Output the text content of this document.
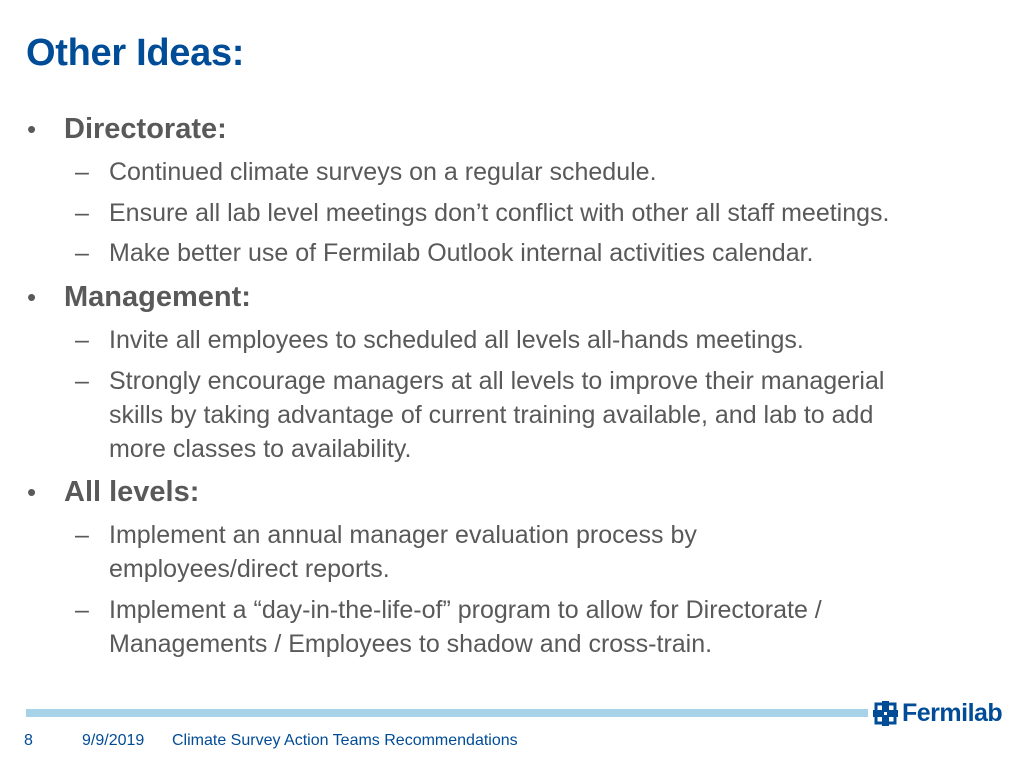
Other Ideas:
• Directorate:
– Continued climate surveys on a regular schedule.
– Ensure all lab level meetings don’t conflict with other all staff meetings.
– Make better use of Fermilab Outlook internal activities calendar.
• Management:
– Invite all employees to scheduled all levels all-hands meetings.
– Strongly encourage managers at all levels to improve their managerial
skills by taking advantage of current training available, and lab to add
more classes to availability.
• All levels:
– Implement an annual manager evaluation process by
employees/direct reports.
– Implement a “day-in-the-life-of” program to allow for Directorate /
Managements / Employees to shadow and cross-train.
Fermilab
8	9/9/2019 Climate Survey Action Teams Recommendations
